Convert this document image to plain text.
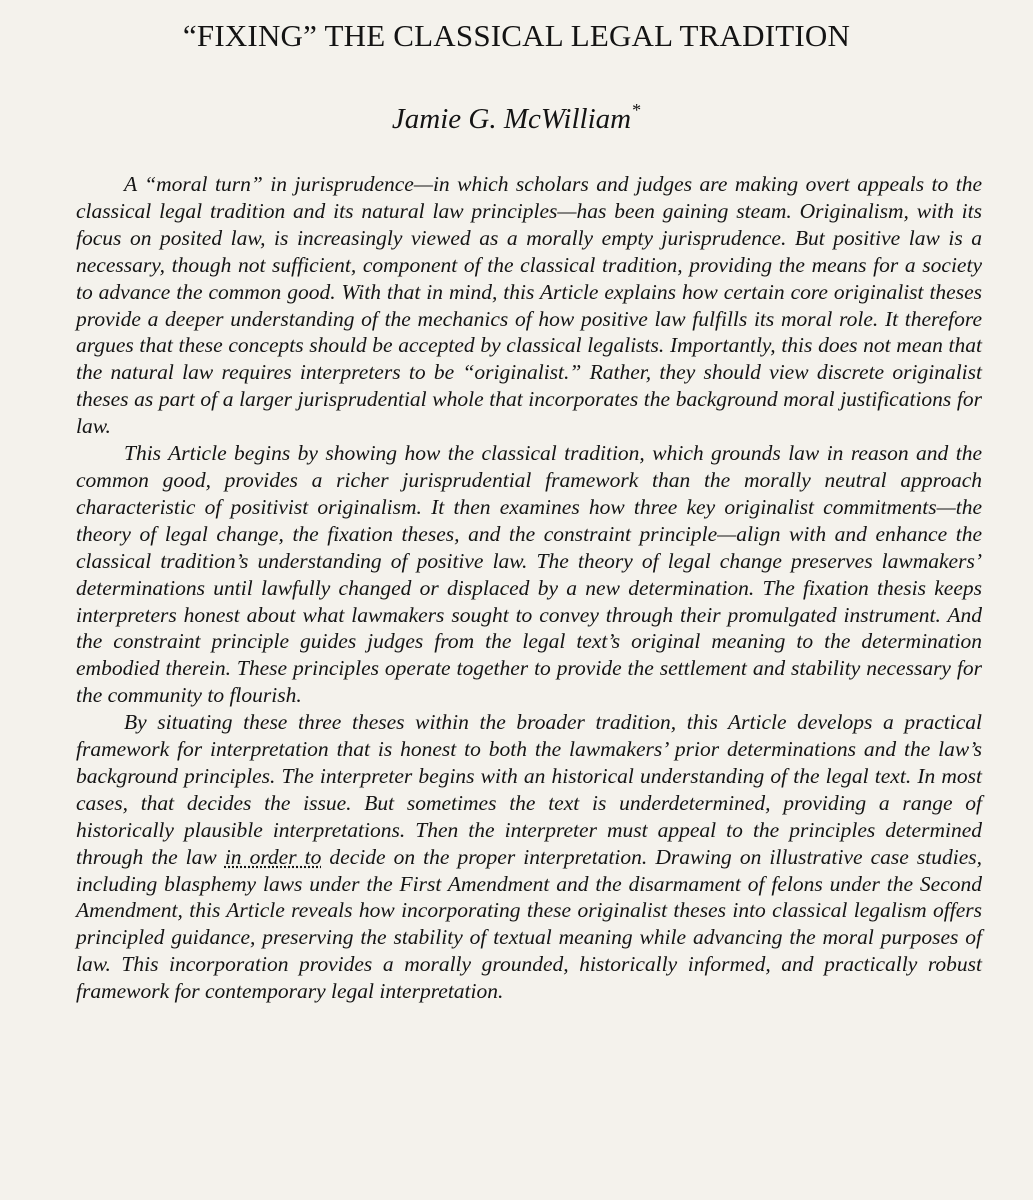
“FIXING” THE CLASSICAL LEGAL TRADITION
Jamie G. McWilliam*

A “moral turn” in jurisprudence—in which scholars and judges are making overt appeals to the classical legal tradition and its natural law principles—has been gaining steam. Originalism, with its focus on posited law, is increasingly viewed as a morally empty jurisprudence. But positive law is a necessary, though not sufficient, component of the classical tradition, providing the means for a society to advance the common good. With that in mind, this Article explains how certain core originalist theses provide a deeper understanding of the mechanics of how positive law fulfills its moral role. It therefore argues that these concepts should be accepted by classical legalists. Importantly, this does not mean that the natural law requires interpreters to be “originalist.” Rather, they should view discrete originalist theses as part of a larger jurisprudential whole that incorporates the background moral justifications for law.

This Article begins by showing how the classical tradition, which grounds law in reason and the common good, provides a richer jurisprudential framework than the morally neutral approach characteristic of positivist originalism. It then examines how three key originalist commitments—the theory of legal change, the fixation theses, and the constraint principle—align with and enhance the classical tradition’s understanding of positive law. The theory of legal change preserves lawmakers’ determinations until lawfully changed or displaced by a new determination. The fixation thesis keeps interpreters honest about what lawmakers sought to convey through their promulgated instrument. And the constraint principle guides judges from the legal text’s original meaning to the determination embodied therein. These principles operate together to provide the settlement and stability necessary for the community to flourish.

By situating these three theses within the broader tradition, this Article develops a practical framework for interpretation that is honest to both the lawmakers’ prior determinations and the law’s background principles. The interpreter begins with an historical understanding of the legal text. In most cases, that decides the issue. But sometimes the text is underdetermined, providing a range of historically plausible interpretations. Then the interpreter must appeal to the principles determined through the law in order to decide on the proper interpretation. Drawing on illustrative case studies, including blasphemy laws under the First Amendment and the disarmament of felons under the Second Amendment, this Article reveals how incorporating these originalist theses into classical legalism offers principled guidance, preserving the stability of textual meaning while advancing the moral purposes of law. This incorporation provides a morally grounded, historically informed, and practically robust framework for contemporary legal interpretation.
